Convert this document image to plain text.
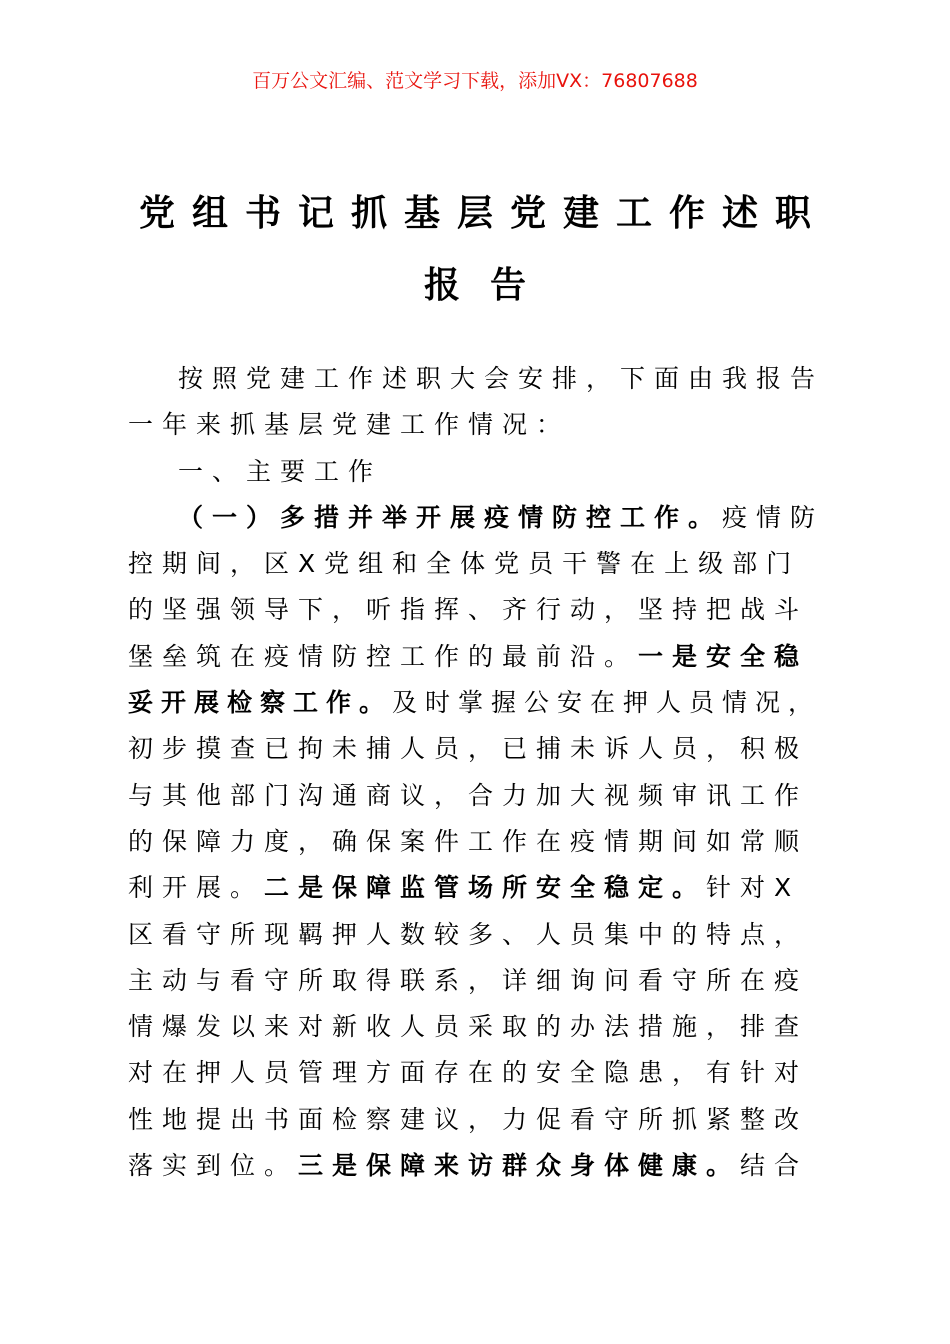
百万公文汇编、范文学习下载，添加VX：76807688
党组书记抓基层党建工作述职
报告
按照党建工作述职大会安排，下面由我报告
一年来抓基层党建工作情况：
一、主要工作
（一）多措并举开展疫情防控工作。疫情防
控期间，区X党组和全体党员干警在上级部门
的坚强领导下，听指挥、齐行动，坚持把战斗
堡垒筑在疫情防控工作的最前沿。一是安全稳
妥开展检察工作。及时掌握公安在押人员情况，
初步摸查已拘未捕人员，已捕未诉人员，积极
与其他部门沟通商议，合力加大视频审讯工作
的保障力度，确保案件工作在疫情期间如常顺
利开展。二是保障监管场所安全稳定。针对X
区看守所现羁押人数较多、人员集中的特点，
主动与看守所取得联系，详细询问看守所在疫
情爆发以来对新收人员采取的办法措施，排查
对在押人员管理方面存在的安全隐患，有针对
性地提出书面检察建议，力促看守所抓紧整改
落实到位。三是保障来访群众身体健康。结合
